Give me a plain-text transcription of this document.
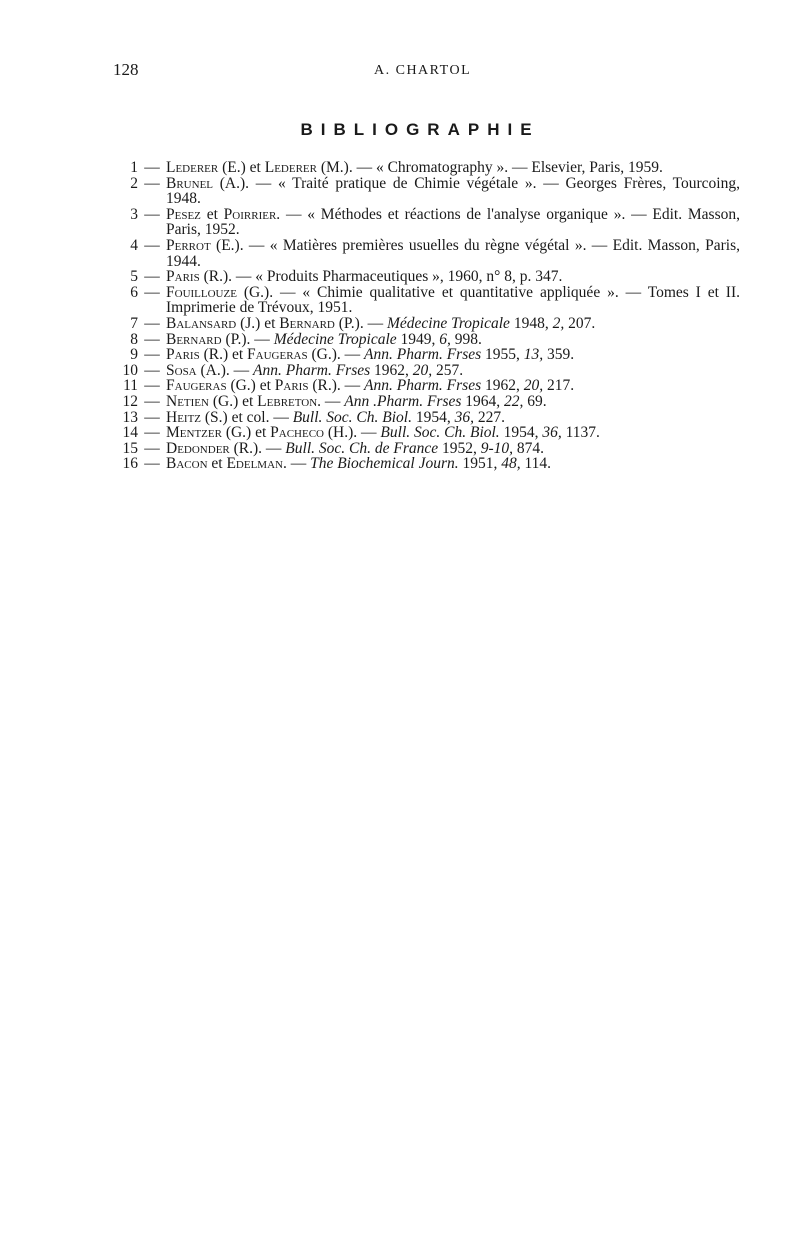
128	A. CHARTOL
BIBLIOGRAPHIE
1 — Lederer (E.) et Lederer (M.). — « Chromatography ». — Elsevier, Paris, 1959.
2 — Brunel (A.). — « Traité pratique de Chimie végétale ». — Georges Frères, Tourcoing, 1948.
3 — Pesez et Poirrier. — « Méthodes et réactions de l'analyse organique ». — Edit. Masson, Paris, 1952.
4 — Perrot (E.). — « Matières premières usuelles du règne végétal ». — Edit. Masson, Paris, 1944.
5 — Paris (R.). — « Produits Pharmaceutiques », 1960, n° 8, p. 347.
6 — Fouillouze (G.). — « Chimie qualitative et quantitative appliquée ». — Tomes I et II. Imprimerie de Trévoux, 1951.
7 — Balansard (J.) et Bernard (P.). — Médecine Tropicale 1948, 2, 207.
8 — Bernard (P.). — Médecine Tropicale 1949, 6, 998.
9 — Paris (R.) et Faugeras (G.). — Ann. Pharm. Frses 1955, 13, 359.
10 — Sosa (A.). — Ann. Pharm. Frses 1962, 20, 257.
11 — Faugeras (G.) et Paris (R.). — Ann. Pharm. Frses 1962, 20, 217.
12 — Netien (G.) et Lebreton. — Ann .Pharm. Frses 1964, 22, 69.
13 — Heitz (S.) et col. — Bull. Soc. Ch. Biol. 1954, 36, 227.
14 — Mentzer (G.) et Pacheco (H.). — Bull. Soc. Ch. Biol. 1954, 36, 1137.
15 — Dedonder (R.). — Bull. Soc. Ch. de France 1952, 9-10, 874.
16 — Bacon et Edelman. — The Biochemical Journ. 1951, 48, 114.
